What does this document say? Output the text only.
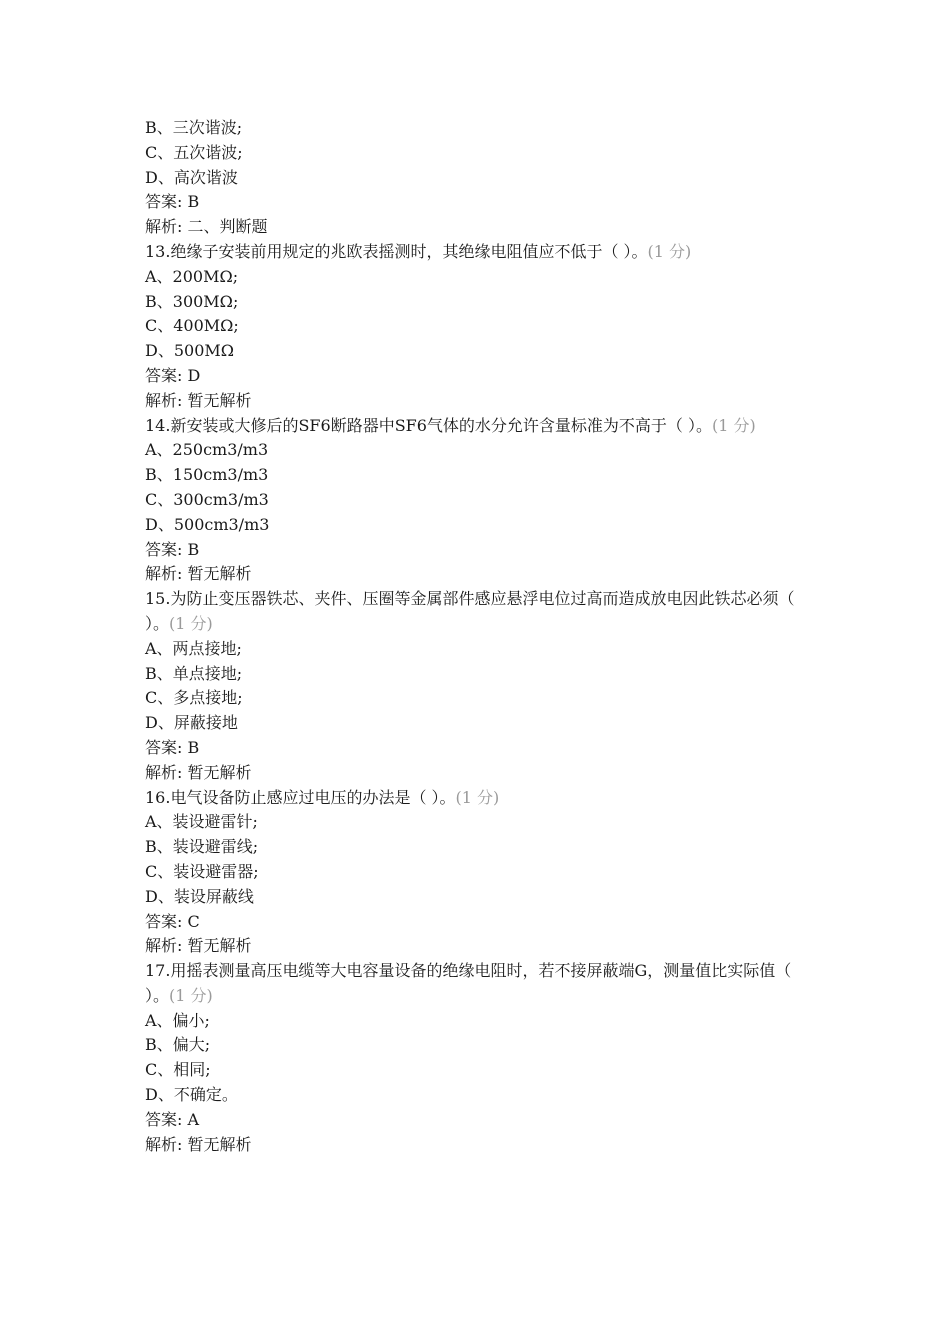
B、三次谐波;
C、五次谐波;
D、高次谐波
答案: B
解析: 二、判断题
13.绝缘子安装前用规定的兆欧表摇测时，其绝缘电阻值应不低于（ ）。(1 分)
A、200MΩ;
B、300MΩ;
C、400MΩ;
D、500MΩ
答案: D
解析: 暂无解析
14.新安装或大修后的SF6断路器中SF6气体的水分允许含量标准为不高于（ ）。(1 分)
A、250cm3/m3
B、150cm3/m3
C、300cm3/m3
D、500cm3/m3
答案: B
解析: 暂无解析
15.为防止变压器铁芯、夹件、压圈等金属部件感应悬浮电位过高而造成放电因此铁芯必须（ ）。(1 分)
A、两点接地;
B、单点接地;
C、多点接地;
D、屏蔽接地
答案: B
解析: 暂无解析
16.电气设备防止感应过电压的办法是（ ）。(1 分)
A、装设避雷针;
B、装设避雷线;
C、装设避雷器;
D、装设屏蔽线
答案: C
解析: 暂无解析
17.用摇表测量高压电缆等大电容量设备的绝缘电阻时，若不接屏蔽端G，测量值比实际值（ ）。(1 分)
A、偏小;
B、偏大;
C、相同;
D、不确定。
答案: A
解析: 暂无解析
